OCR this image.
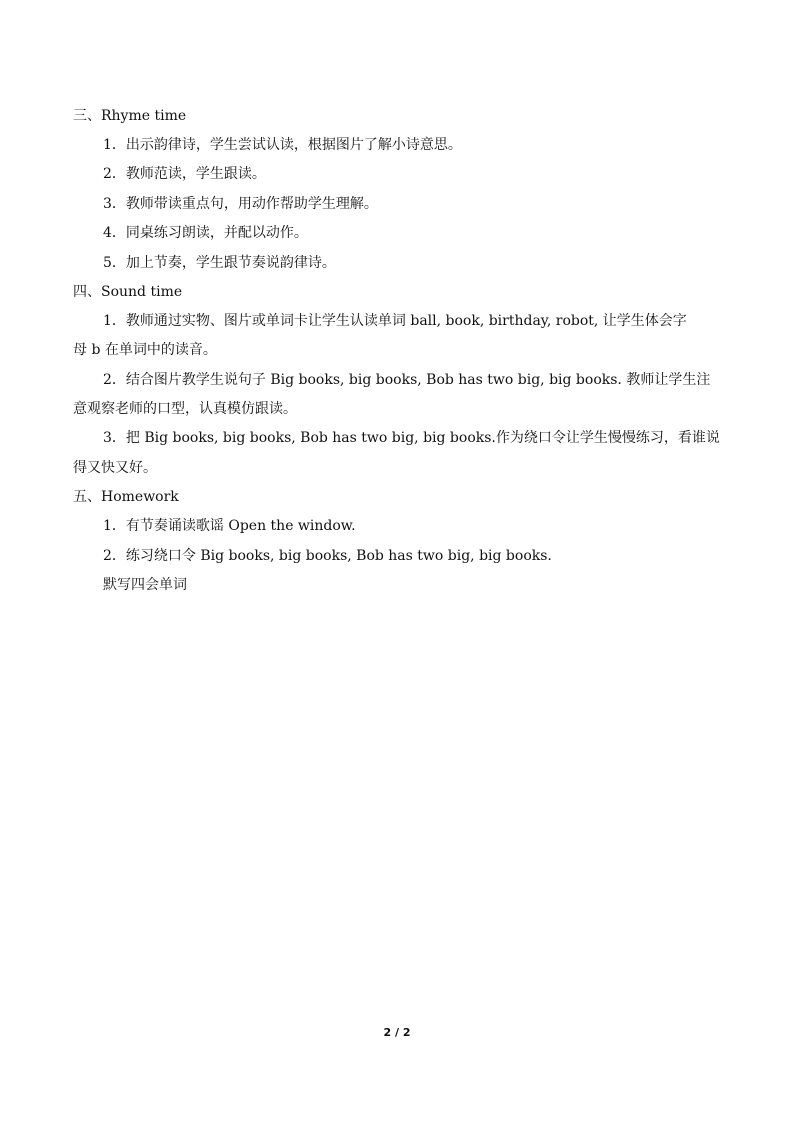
三、Rhyme time
1．出示韵律诗，学生尝试认读，根据图片了解小诗意思。
2．教师范读，学生跟读。
3．教师带读重点句，用动作帮助学生理解。
4．同桌练习朗读，并配以动作。
5．加上节奏，学生跟节奏说韵律诗。
四、Sound time
1．教师通过实物、图片或单词卡让学生认读单词 ball, book, birthday, robot, 让学生体会字
母 b 在单词中的读音。
2．结合图片教学生说句子 Big books, big books, Bob has two big, big books. 教师让学生注
意观察老师的口型，认真模仿跟读。
3．把 Big books, big books, Bob has two big, big books.作为绕口令让学生慢慢练习，看谁说
得又快又好。
五、Homework
1．有节奏诵读歌谣 Open the window.
2．练习绕口令 Big books, big books, Bob has two big, big books.
默写四会单词
2 / 2
